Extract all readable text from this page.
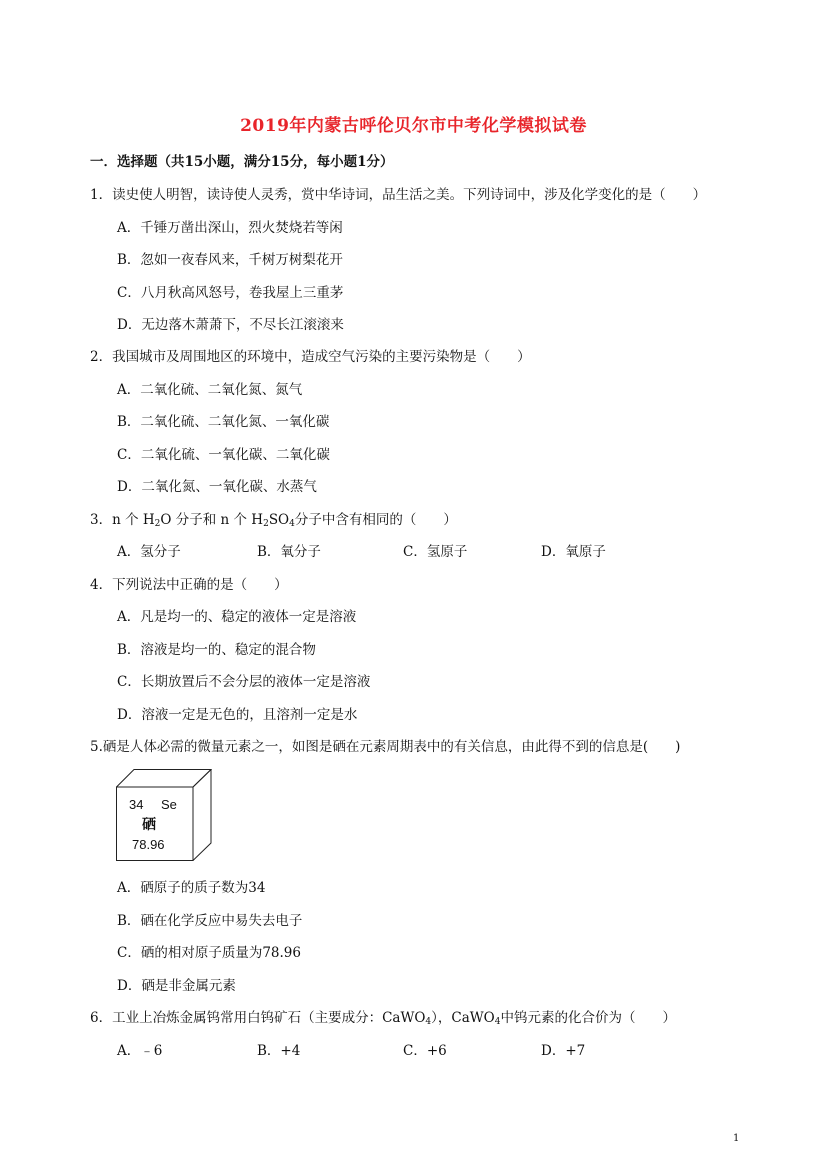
2019年内蒙古呼伦贝尔市中考化学模拟试卷
一．选择题（共15小题，满分15分，每小题1分）
1．读史使人明智，读诗使人灵秀，赏中华诗词，品生活之美。下列诗词中，涉及化学变化的是（　　）
A．千锤万凿出深山，烈火焚烧若等闲
B．忽如一夜春风来，千树万树梨花开
C．八月秋高风怒号，卷我屋上三重茅
D．无边落木萧萧下，不尽长江滚滚来
2．我国城市及周围地区的环境中，造成空气污染的主要污染物是（　　）
A．二氧化硫、二氧化氮、氮气
B．二氧化硫、二氧化氮、一氧化碳
C．二氧化硫、一氧化碳、二氧化碳
D．二氧化氮、一氧化碳、水蒸气
3．n 个 $H_2O$ 分子和 n 个 $H_2SO_4$分子中含有相同的（　　）
A．氢分子	B．氧分子	C．氢原子	D．氧原子
4．下列说法中正确的是（　　）
A．凡是均一的、稳定的液体一定是溶液
B．溶液是均一的、稳定的混合物
C．长期放置后不会分层的液体一定是溶液
D．溶液一定是无色的，且溶剂一定是水
5.硒是人体必需的微量元素之一，如图是硒在元素周期表中的有关信息，由此得不到的信息是(　　)
34 Se
硒
78.96
A．硒原子的质子数为34
B．硒在化学反应中易失去电子
C．硒的相对原子质量为78.96
D．硒是非金属元素
6．工业上冶炼金属钨常用白钨矿石（主要成分：CaWO$_4$），CaWO$_4$中钨元素的化合价为（　　）
A．﹣6	B．+4	C．+6	D．+7
1
